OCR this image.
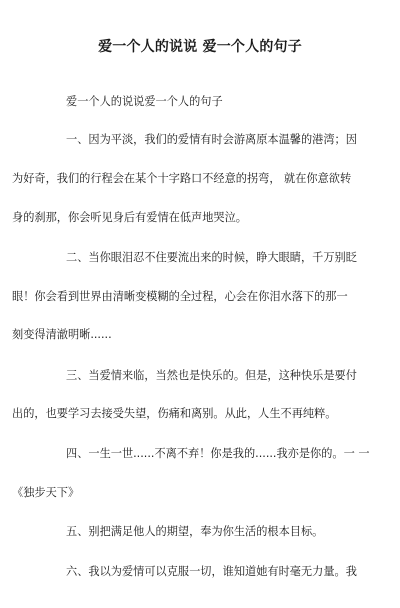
爱一个人的说说 爱一个人的句子
爱一个人的说说爱一个人的句子
一、因为平淡，我们的爱情有时会游离原本温馨的港湾；因
为好奇，我们的行程会在某个十字路口不经意的拐弯， 就在你意欲转
身的刹那，你会听见身后有爱情在低声地哭泣。
二、当你眼泪忍不住要流出来的时候，睁大眼睛，千万别眨
眼！你会看到世界由清晰变模糊的全过程，心会在你泪水落下的那一
刻变得清澈明晰......
三、当爱情来临，当然也是快乐的。但是，这种快乐是要付
出的，也要学习去接受失望，伤痛和离别。从此，人生不再纯粹。
四、一生一世......不离不弃！你是我的......我亦是你的。一 一
《独步天下》
五、别把满足他人的期望，奉为你生活的根本目标。
六、我以为爱情可以克服一切，谁知道她有时毫无力量。我
